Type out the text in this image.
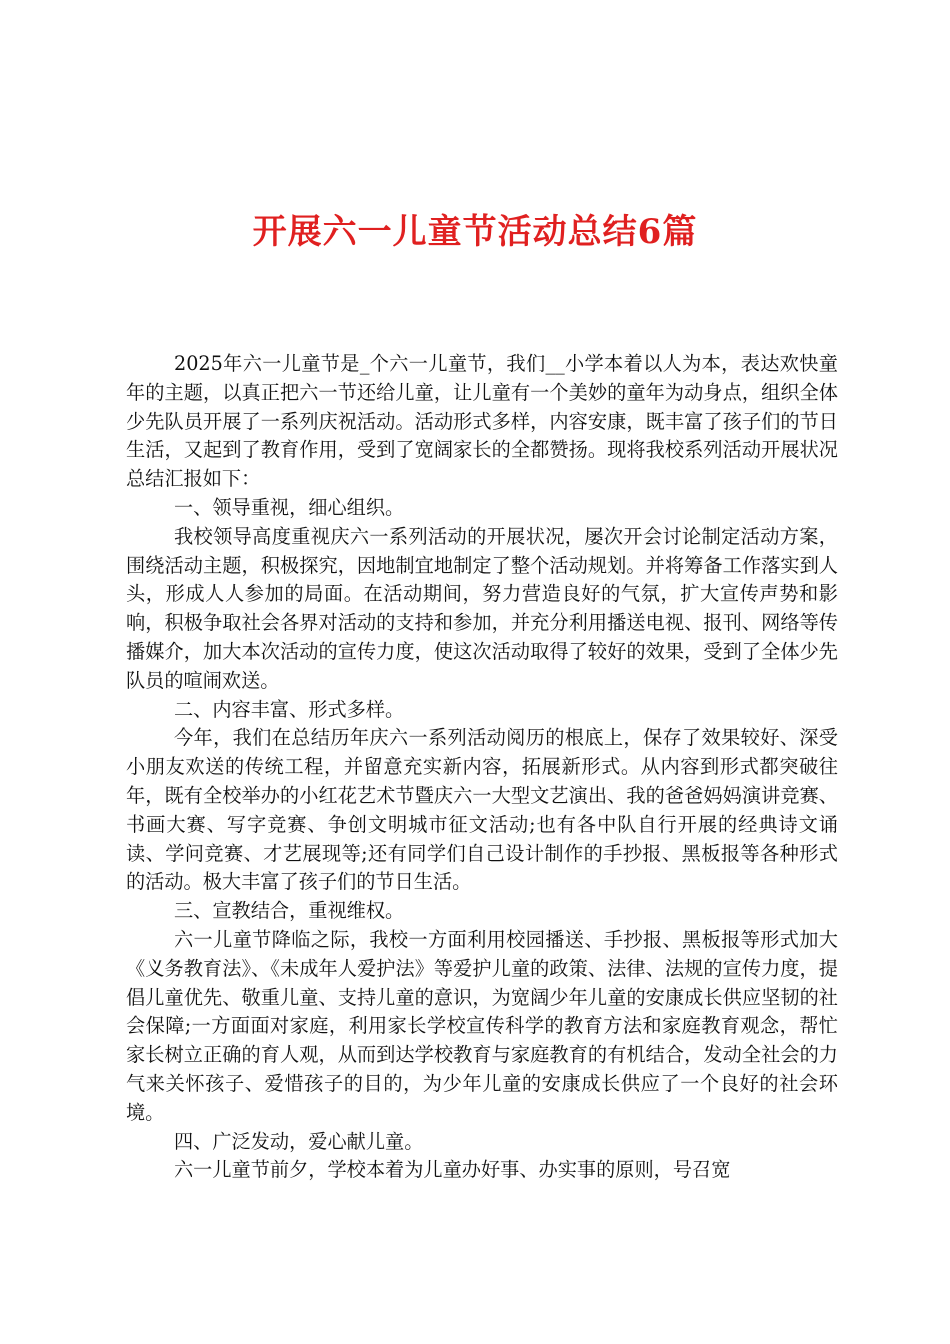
开展六一儿童节活动总结6篇

2025年六一儿童节是_个六一儿童节，我们__小学本着以人为本，表达欢快童年的主题，以真正把六一节还给儿童，让儿童有一个美妙的童年为动身点，组织全体少先队员开展了一系列庆祝活动。活动形式多样，内容安康，既丰富了孩子们的节日生活，又起到了教育作用，受到了宽阔家长的全都赞扬。现将我校系列活动开展状况总结汇报如下：

一、领导重视，细心组织。

我校领导高度重视庆六一系列活动的开展状况，屡次开会讨论制定活动方案，围绕活动主题，积极探究，因地制宜地制定了整个活动规划。并将筹备工作落实到人头，形成人人参加的局面。在活动期间，努力营造良好的气氛，扩大宣传声势和影响，积极争取社会各界对活动的支持和参加，并充分利用播送电视、报刊、网络等传播媒介，加大本次活动的宣传力度，使这次活动取得了较好的效果，受到了全体少先队员的喧闹欢送。

二、内容丰富、形式多样。

今年，我们在总结历年庆六一系列活动阅历的根底上，保存了效果较好、深受小朋友欢送的传统工程，并留意充实新内容，拓展新形式。从内容到形式都突破往年，既有全校举办的小红花艺术节暨庆六一大型文艺演出、我的爸爸妈妈演讲竞赛、书画大赛、写字竞赛、争创文明城市征文活动;也有各中队自行开展的经典诗文诵读、学问竞赛、才艺展现等;还有同学们自己设计制作的手抄报、黑板报等各种形式的活动。极大丰富了孩子们的节日生活。

三、宣教结合，重视维权。

六一儿童节降临之际，我校一方面利用校园播送、手抄报、黑板报等形式加大《义务教育法》、《未成年人爱护法》等爱护儿童的政策、法律、法规的宣传力度，提倡儿童优先、敬重儿童、支持儿童的意识，为宽阔少年儿童的安康成长供应坚韧的社会保障;一方面面对家庭，利用家长学校宣传科学的教育方法和家庭教育观念，帮忙家长树立正确的育人观，从而到达学校教育与家庭教育的有机结合，发动全社会的力气来关怀孩子、爱惜孩子的目的，为少年儿童的安康成长供应了一个良好的社会环境。

四、广泛发动，爱心献儿童。

六一儿童节前夕，学校本着为儿童办好事、办实事的原则，号召宽
